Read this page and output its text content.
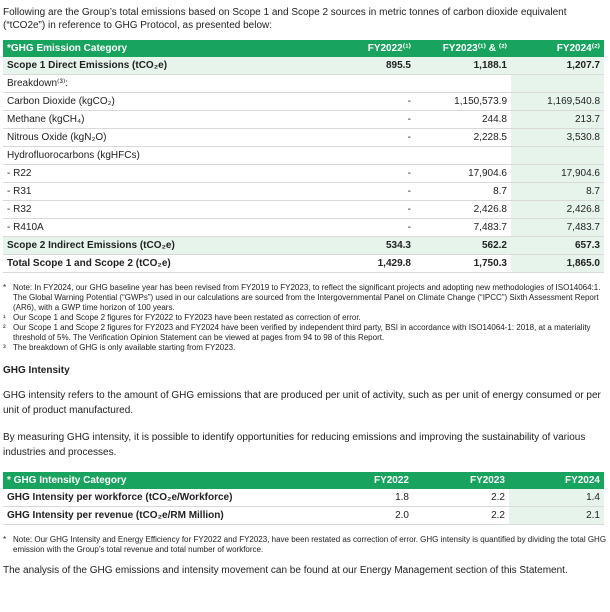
Following are the Group’s total emissions based on Scope 1 and Scope 2 sources in metric tonnes of carbon dioxide equivalent (“tCO2e”) in reference to GHG Protocol, as presented below:

*GHG Emission Category	FY2022⁽¹⁾	FY2023⁽¹⁾ & ⁽²⁾	FY2024⁽²⁾
Scope 1 Direct Emissions (tCO₂e)	895.5	1,188.1	1,207.7
Breakdown⁽³⁾:			
Carbon Dioxide (kgCO₂)	-	1,150,573.9	1,169,540.8
Methane (kgCH₄)	-	244.8	213.7
Nitrous Oxide (kgN₂O)	-	2,228.5	3,530.8
Hydrofluorocarbons (kgHFCs)			
- R22	-	17,904.6	17,904.6
- R31	-	8.7	8.7
- R32	-	2,426.8	2,426.8
- R410A	-	7,483.7	7,483.7
Scope 2 Indirect Emissions (tCO₂e)	534.3	562.2	657.3
Total Scope 1 and Scope 2 (tCO₂e)	1,429.8	1,750.3	1,865.0
* Note: In FY2024, our GHG baseline year has been revised from FY2019 to FY2023, to reflect the significant projects and adopting new methodologies of ISO14064:1. The Global Warning Potential (“GWPs”) used in our calculations are sourced from the Intergovernmental Panel on Climate Change (“IPCC”) Sixth Assessment Report (AR6), with a GWP time horizon of 100 years.
¹ Our Scope 1 and Scope 2 figures for FY2022 to FY2023 have been restated as correction of error.
² Our Scope 1 and Scope 2 figures for FY2023 and FY2024 have been verified by independent third party, BSI in accordance with ISO14064-1: 2018, at a materiality threshold of 5%. The Verification Opinion Statement can be viewed at pages from 94 to 98 of this Report.
³ The breakdown of GHG is only available starting from FY2023.
GHG Intensity

GHG intensity refers to the amount of GHG emissions that are produced per unit of activity, such as per unit of energy consumed or per unit of product manufactured.

By measuring GHG intensity, it is possible to identify opportunities for reducing emissions and improving the sustainability of various industries and processes.

* GHG Intensity Category	FY2022	FY2023	FY2024
GHG Intensity per workforce (tCO₂e/Workforce)	1.8	2.2	1.4
GHG Intensity per revenue (tCO₂e/RM Million)	2.0	2.2	2.1
* Note: Our GHG Intensity and Energy Efficiency for FY2022 and FY2023, have been restated as correction of error. GHG intensity is quantified by dividing the total GHG emission with the Group’s total revenue and total number of workforce.

The analysis of the GHG emissions and intensity movement can be found at our Energy Management section of this Statement.
